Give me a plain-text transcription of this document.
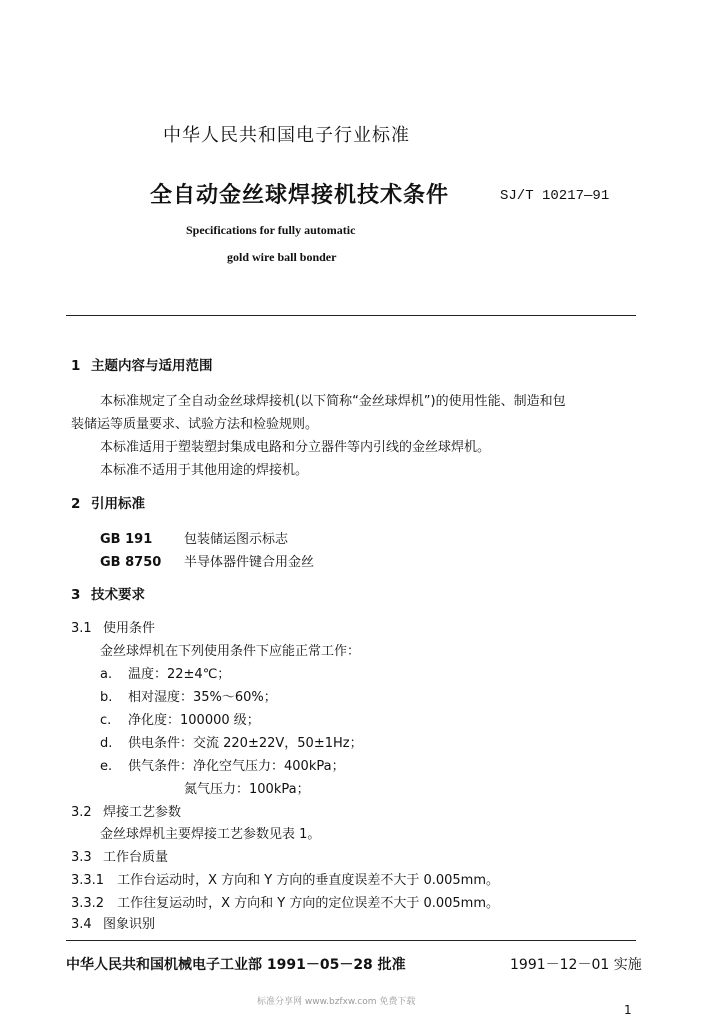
中华人民共和国电子行业标准
全自动金丝球焊接机技术条件	SJ/T 10217—91
Specifications for fully automatic
gold wire ball bonder
1 主题内容与适用范围
本标准规定了全自动金丝球焊接机(以下简称“金丝球焊机”)的使用性能、制造和包
装储运等质量要求、试验方法和检验规则。
本标准适用于塑装塑封集成电路和分立器件等内引线的金丝球焊机。
本标准不适用于其他用途的焊接机。
2 引用标准
GB 191 包装储运图示标志
GB 8750 半导体器件键合用金丝
3 技术要求
3.1 使用条件
金丝球焊机在下列使用条件下应能正常工作：
a. 温度：22±4℃；
b. 相对湿度：35%～60%；
c. 净化度：100000 级；
d. 供电条件：交流 220±22V，50±1Hz；
e. 供气条件：净化空气压力：400kPa；
氮气压力：100kPa；
3.2 焊接工艺参数
金丝球焊机主要焊接工艺参数见表 1。
3.3 工作台质量
3.3.1　工作台运动时，X 方向和 Y 方向的垂直度误差不大于 0.005mm。
3.3.2　工作往复运动时，X 方向和 Y 方向的定位误差不大于 0.005mm。
3.4 图象识别
中华人民共和国机械电子工业部 1991－05－28 批准	1991－12－01 实施
标准分享网 www.bzfxw.com 免费下载
1
